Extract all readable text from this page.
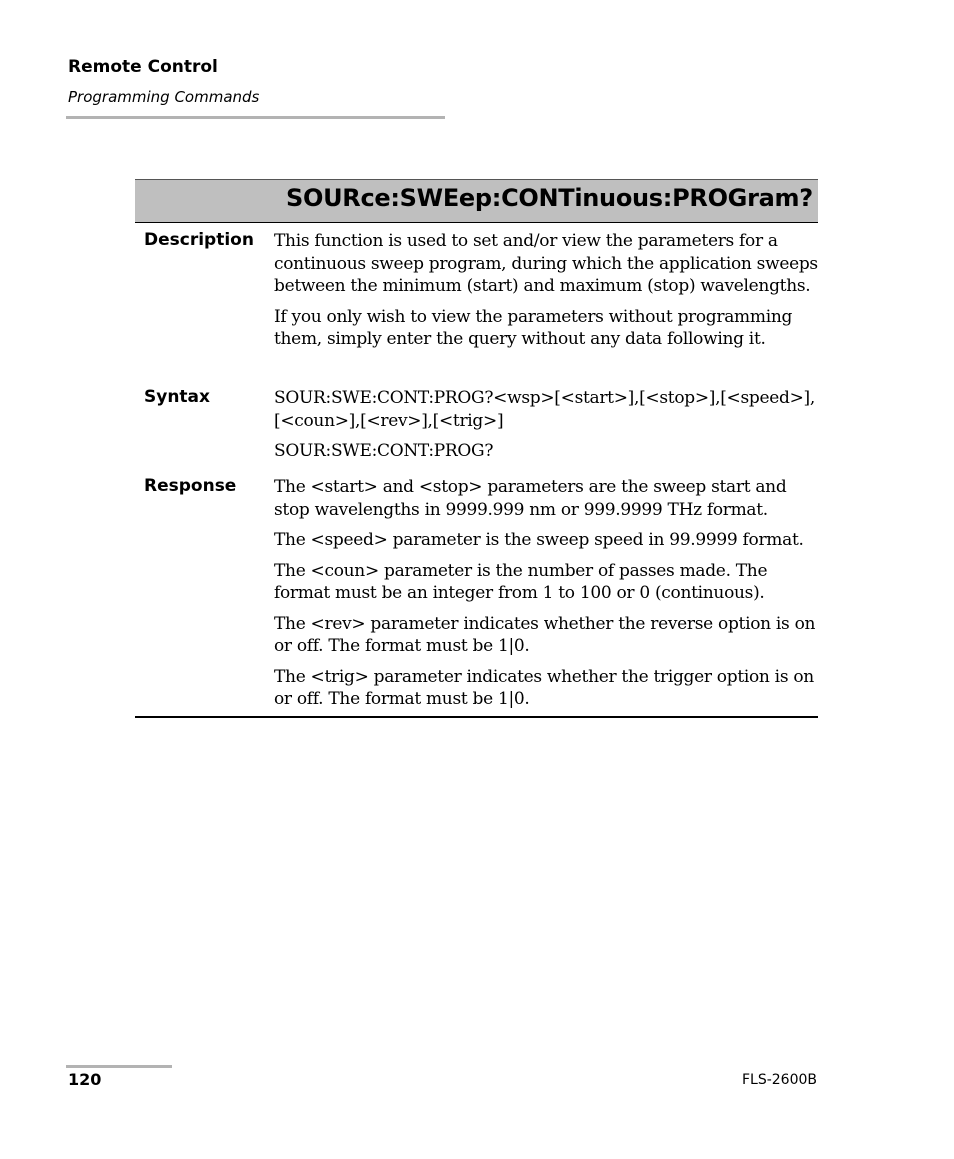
Remote Control
Programming Commands
SOURce:SWEep:CONTinuous:PROGram?
Description This function is used to set and/or view the parameters for a continuous sweep program, during which the application sweeps between the minimum (start) and maximum (stop) wavelengths.

If you only wish to view the parameters without programming them, simply enter the query without any data following it.

Syntax	SOUR:SWE:CONT:PROG?<wsp>[<start>],[<stop>],[<speed>],[<coun>],[<rev>],[<trig>]

SOUR:SWE:CONT:PROG?

Response The <start> and <stop> parameters are the sweep start and stop wavelengths in 9999.999 nm or 999.9999 THz format.

The <speed> parameter is the sweep speed in 99.9999 format.

The <coun> parameter is the number of passes made. The format must be an integer from 1 to 100 or 0 (continuous).

The <rev> parameter indicates whether the reverse option is on or off. The format must be 1|0.

The <trig> parameter indicates whether the trigger option is on or off. The format must be 1|0.

120	FLS-2600B
